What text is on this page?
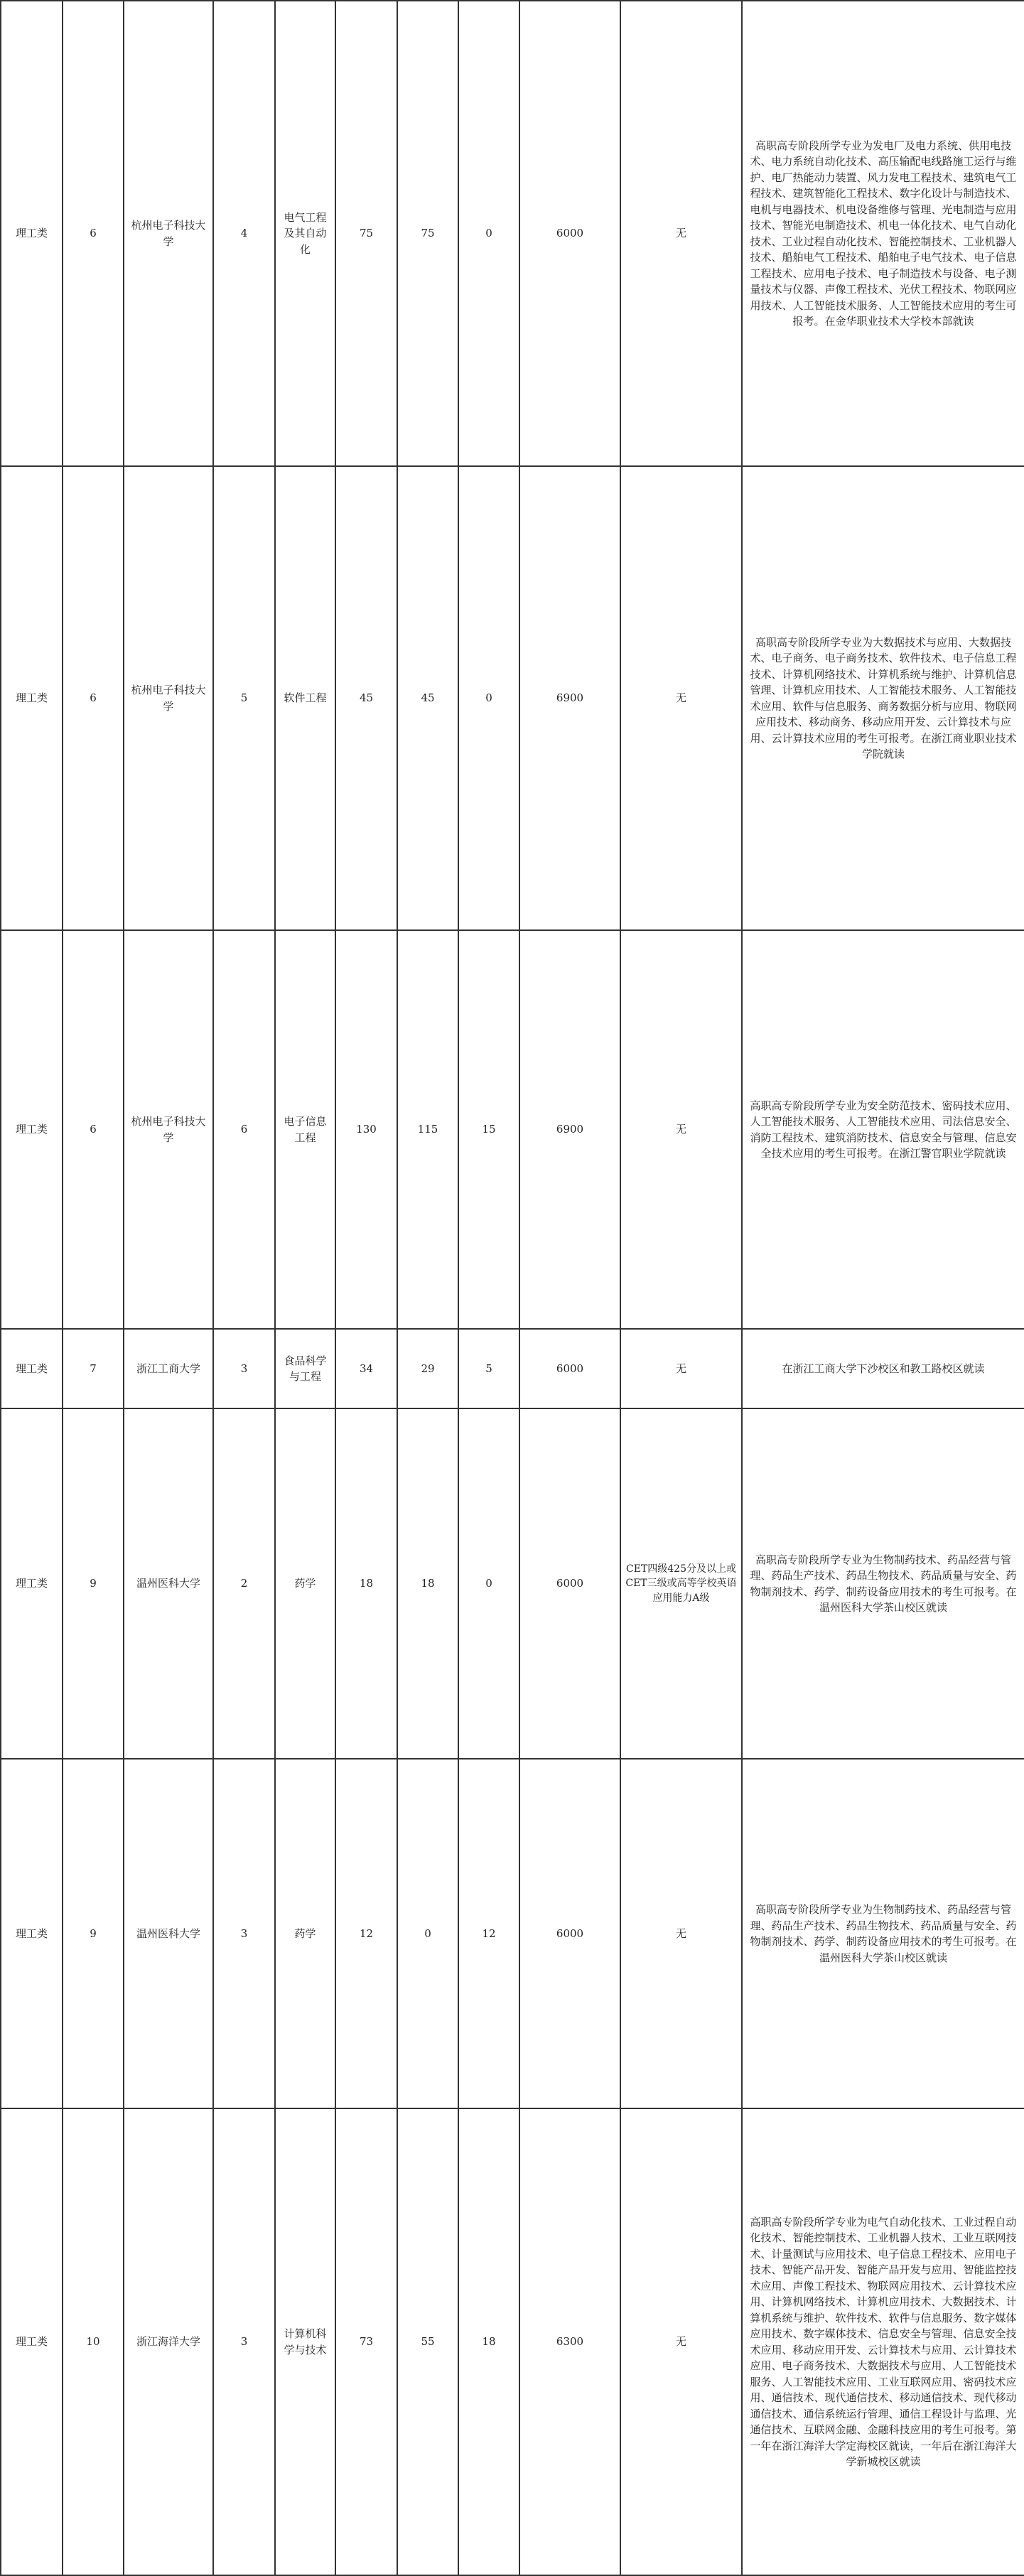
理工类	6	杭州电子科技大学	4	电气工程及其自动化	75	75	0	6000	无	高职高专阶段所学专业为发电厂及电力系统、供用电技术、电力系统自动化技术、高压输配电线路施工运行与维护、电厂热能动力装置、风力发电工程技术、建筑电气工程技术、建筑智能化工程技术、数字化设计与制造技术、电机与电器技术、机电设备维修与管理、光电制造与应用技术、智能光电制造技术、机电一体化技术、电气自动化技术、工业过程自动化技术、智能控制技术、工业机器人技术、船舶电气工程技术、船舶电子电气技术、电子信息工程技术、应用电子技术、电子制造技术与设备、电子测量技术与仪器、声像工程技术、光伏工程技术、物联网应用技术、人工智能技术服务、人工智能技术应用的考生可报考。在金华职业技术大学校本部就读
理工类	6	杭州电子科技大学	5	软件工程	45	45	0	6900	无	高职高专阶段所学专业为大数据技术与应用、大数据技术、电子商务、电子商务技术、软件技术、电子信息工程技术、计算机网络技术、计算机系统与维护、计算机信息管理、计算机应用技术、人工智能技术服务、人工智能技术应用、软件与信息服务、商务数据分析与应用、物联网应用技术、移动商务、移动应用开发、云计算技术与应用、云计算技术应用的考生可报考。在浙江商业职业技术学院就读
理工类	6	杭州电子科技大学	6	电子信息工程	130	115	15	6900	无	高职高专阶段所学专业为安全防范技术、密码技术应用、人工智能技术服务、人工智能技术应用、司法信息安全、消防工程技术、建筑消防技术、信息安全与管理、信息安全技术应用的考生可报考。在浙江警官职业学院就读
理工类	7	浙江工商大学	3	食品科学与工程	34	29	5	6000	无	在浙江工商大学下沙校区和教工路校区就读
理工类	9	温州医科大学	2	药学	18	18	0	6000	CET四级425分及以上或CET三级或高等学校英语应用能力A级	高职高专阶段所学专业为生物制药技术、药品经营与管理、药品生产技术、药品生物技术、药品质量与安全、药物制剂技术、药学、制药设备应用技术的考生可报考。在温州医科大学茶山校区就读
理工类	9	温州医科大学	3	药学	12	0	12	6000	无	高职高专阶段所学专业为生物制药技术、药品经营与管理、药品生产技术、药品生物技术、药品质量与安全、药物制剂技术、药学、制药设备应用技术的考生可报考。在温州医科大学茶山校区就读
理工类	10	浙江海洋大学	3	计算机科学与技术	73	55	18	6300	无	高职高专阶段所学专业为电气自动化技术、工业过程自动化技术、智能控制技术、工业机器人技术、工业互联网技术、计量测试与应用技术、电子信息工程技术、应用电子技术、智能产品开发、智能产品开发与应用、智能监控技术应用、声像工程技术、物联网应用技术、云计算技术应用、计算机网络技术、计算机应用技术、大数据技术、计算机系统与维护、软件技术、软件与信息服务、数字媒体应用技术、数字媒体技术、信息安全与管理、信息安全技术应用、移动应用开发、云计算技术与应用、云计算技术应用、电子商务技术、大数据技术与应用、人工智能技术服务、人工智能技术应用、工业互联网应用、密码技术应用、通信技术、现代通信技术、移动通信技术、现代移动通信技术、通信系统运行管理、通信工程设计与监理、光通信技术、互联网金融、金融科技应用的考生可报考。第一年在浙江海洋大学定海校区就读，一年后在浙江海洋大学新城校区就读
